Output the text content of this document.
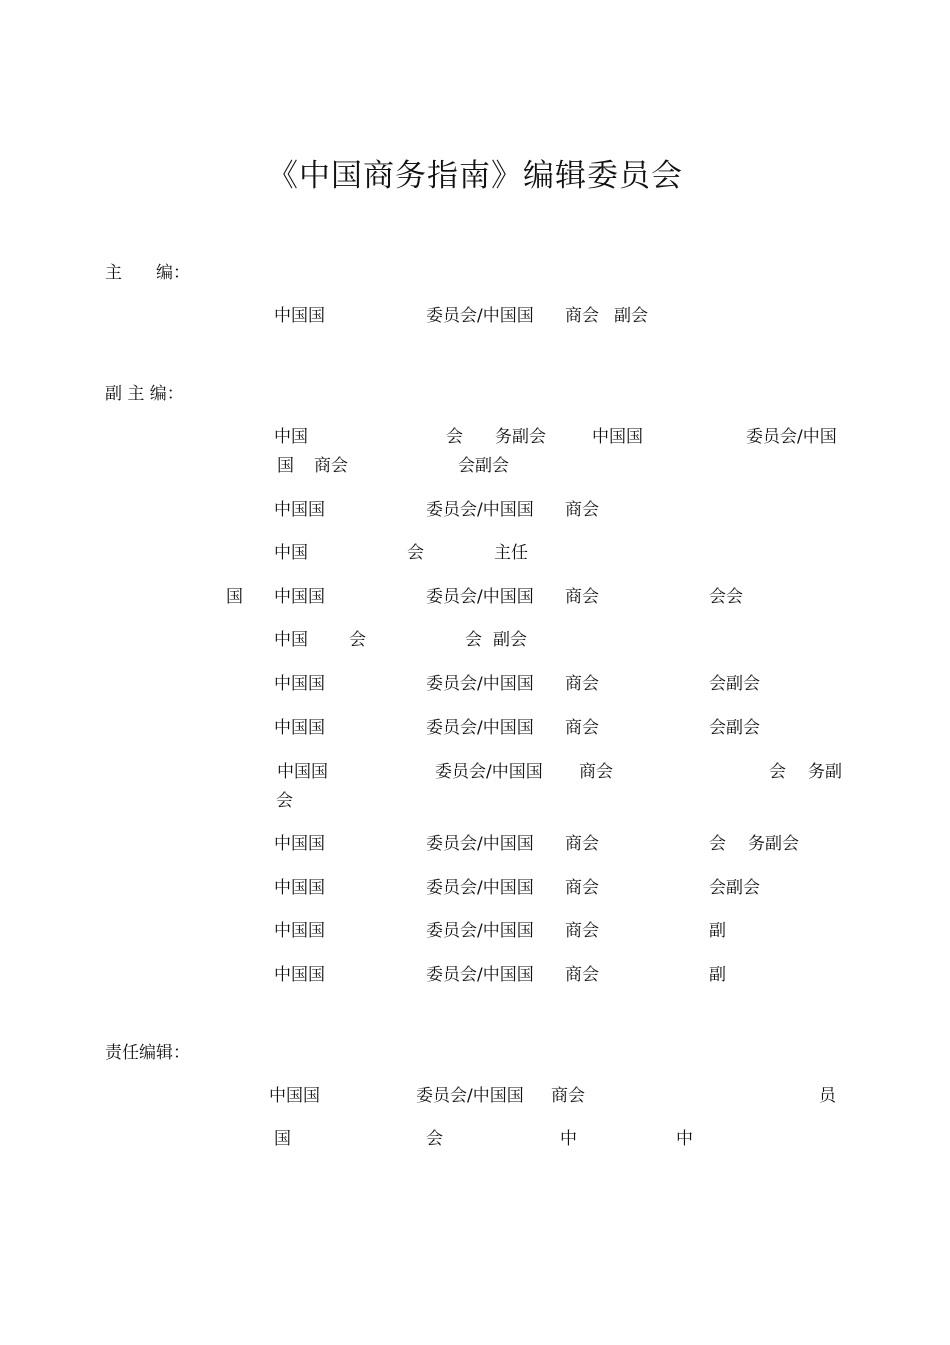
《中国商务指南》编辑委员会
主　　编：
中国国	委员会/中国国 商会 副会
副 主 编：
中国	会 务副会	中国国	委员会/中国
国 商会	会副会
中国国	委员会/中国国 商会
中国	会	主任
国 中国国	委员会/中国国 商会	会会
中国 会	会 副会
中国国	委员会/中国国 商会	会副会
中国国	委员会/中国国 商会	会副会
中国国	委员会/中国国 商会	会 务副
会
中国国	委员会/中国国 商会	会 务副会
中国国	委员会/中国国 商会	会副会
中国国	委员会/中国国 商会	副
中国国	委员会/中国国 商会	副
责任编辑：
中国国	委员会/中国国 商会	员
国	会	中	中
